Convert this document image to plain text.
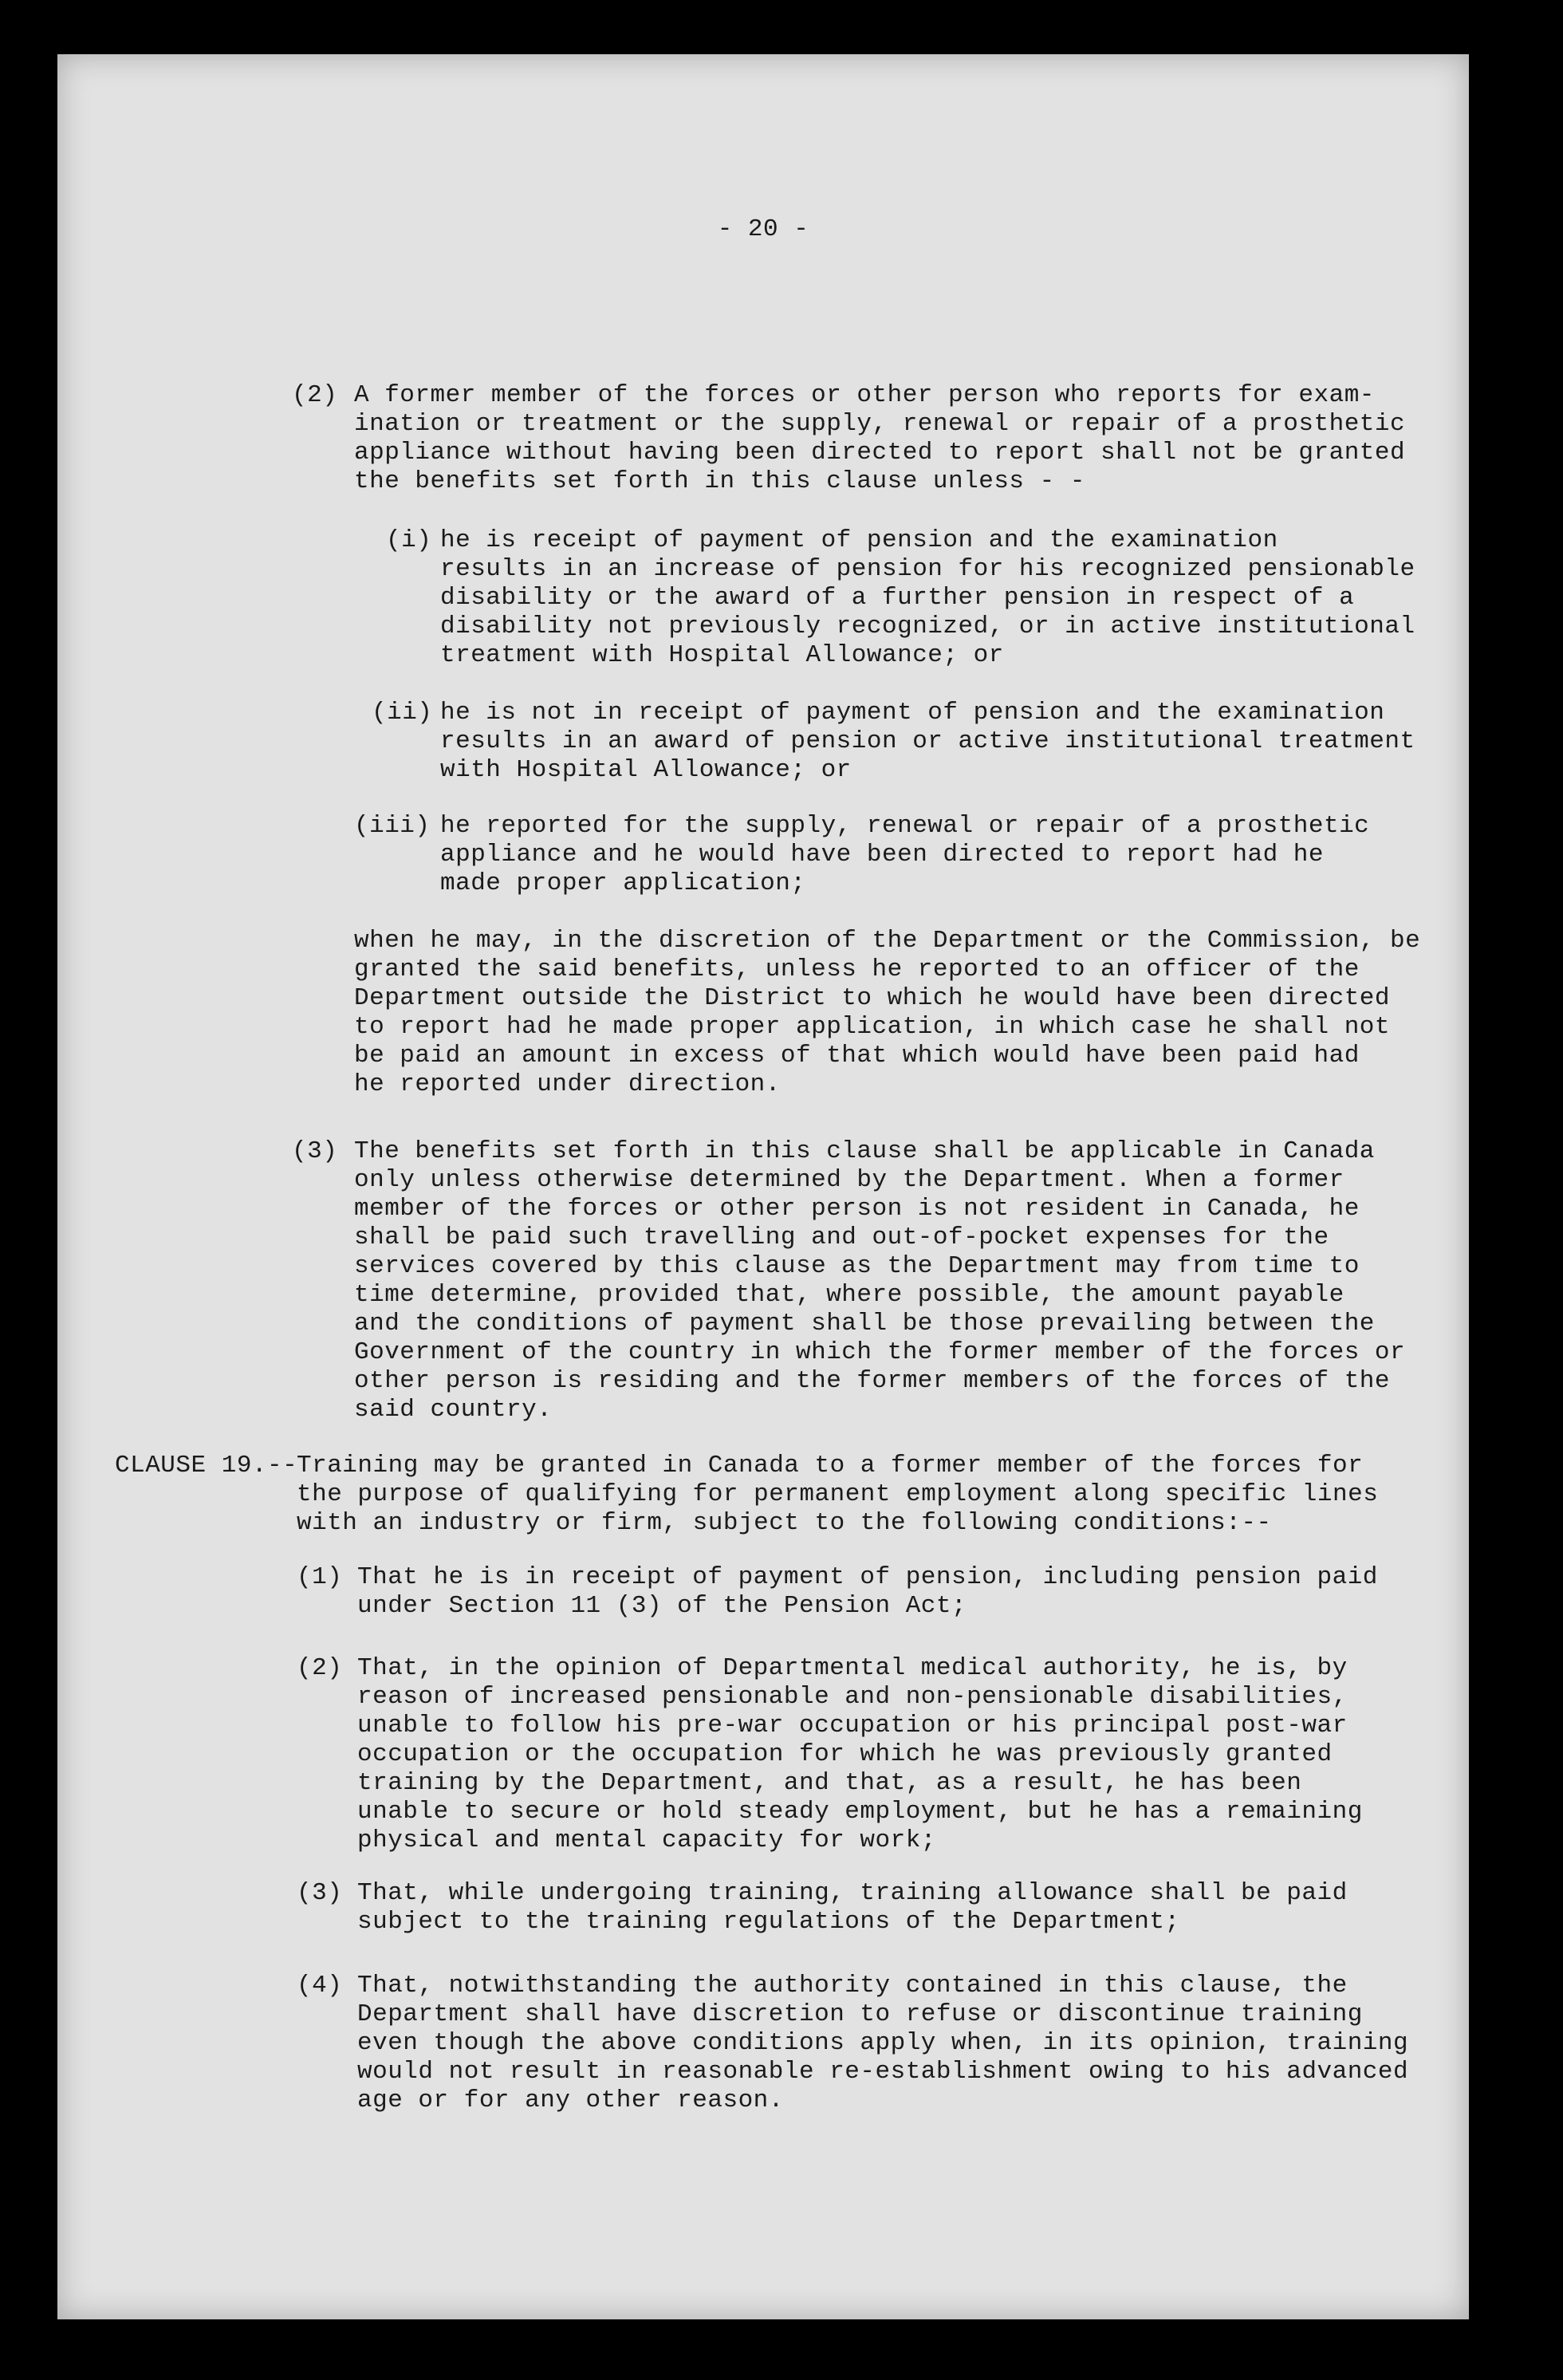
- 20 -
(2) A former member of the forces or other person who reports for exam-
ination or treatment or the supply, renewal or repair of a prosthetic
appliance without having been directed to report shall not be granted
the benefits set forth in this clause unless - -
(i) he is receipt of payment of pension and the examination
results in an increase of pension for his recognized pensionable
disability or the award of a further pension in respect of a
disability not previously recognized, or in active institutional
treatment with Hospital Allowance; or
(ii) he is not in receipt of payment of pension and the examination
results in an award of pension or active institutional treatment
with Hospital Allowance; or
(iii) he reported for the supply, renewal or repair of a prosthetic
appliance and he would have been directed to report had he
made proper application;
when he may, in the discretion of the Department or the Commission, be
granted the said benefits, unless he reported to an officer of the
Department outside the District to which he would have been directed
to report had he made proper application, in which case he shall not
be paid an amount in excess of that which would have been paid had
he reported under direction.
(3) The benefits set forth in this clause shall be applicable in Canada
only unless otherwise determined by the Department. When a former
member of the forces or other person is not resident in Canada, he
shall be paid such travelling and out-of-pocket expenses for the
services covered by this clause as the Department may from time to
time determine, provided that, where possible, the amount payable
and the conditions of payment shall be those prevailing between the
Government of the country in which the former member of the forces or
other person is residing and the former members of the forces of the
said country.
CLAUSE 19.--
Training may be granted in Canada to a former member of the forces for
the purpose of qualifying for permanent employment along specific lines
with an industry or firm, subject to the following conditions:--
(1) That he is in receipt of payment of pension, including pension paid
under Section 11 (3) of the Pension Act;
(2) That, in the opinion of Departmental medical authority, he is, by
reason of increased pensionable and non-pensionable disabilities,
unable to follow his pre-war occupation or his principal post-war
occupation or the occupation for which he was previously granted
training by the Department, and that, as a result, he has been
unable to secure or hold steady employment, but he has a remaining
physical and mental capacity for work;
(3) That, while undergoing training, training allowance shall be paid
subject to the training regulations of the Department;
(4) That, notwithstanding the authority contained in this clause, the
Department shall have discretion to refuse or discontinue training
even though the above conditions apply when, in its opinion, training
would not result in reasonable re-establishment owing to his advanced
age or for any other reason.
